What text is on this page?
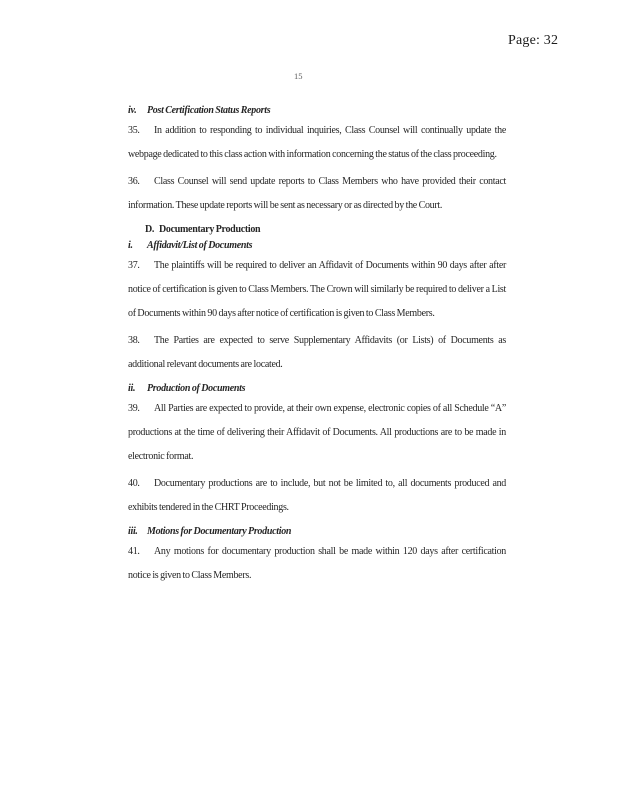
Page: 32
15
iv. Post Certification Status Reports

35. In addition to responding to individual inquiries, Class Counsel will continually update the webpage dedicated to this class action with information concerning the status of the class proceeding.

36. Class Counsel will send update reports to Class Members who have provided their contact information. These update reports will be sent as necessary or as directed by the Court.

D. Documentary Production
i. Affidavit/List of Documents

37. The plaintiffs will be required to deliver an Affidavit of Documents within 90 days after after notice of certification is given to Class Members. The Crown will similarly be required to deliver a List of Documents within 90 days after notice of certification is given to Class Members.

38. The Parties are expected to serve Supplementary Affidavits (or Lists) of Documents as additional relevant documents are located.

ii. Production of Documents

39. All Parties are expected to provide, at their own expense, electronic copies of all Schedule “A” productions at the time of delivering their Affidavit of Documents. All productions are to be made in electronic format.

40. Documentary productions are to include, but not be limited to, all documents produced and exhibits tendered in the CHRT Proceedings.

iii. Motions for Documentary Production

41. Any motions for documentary production shall be made within 120 days after certification notice is given to Class Members.
